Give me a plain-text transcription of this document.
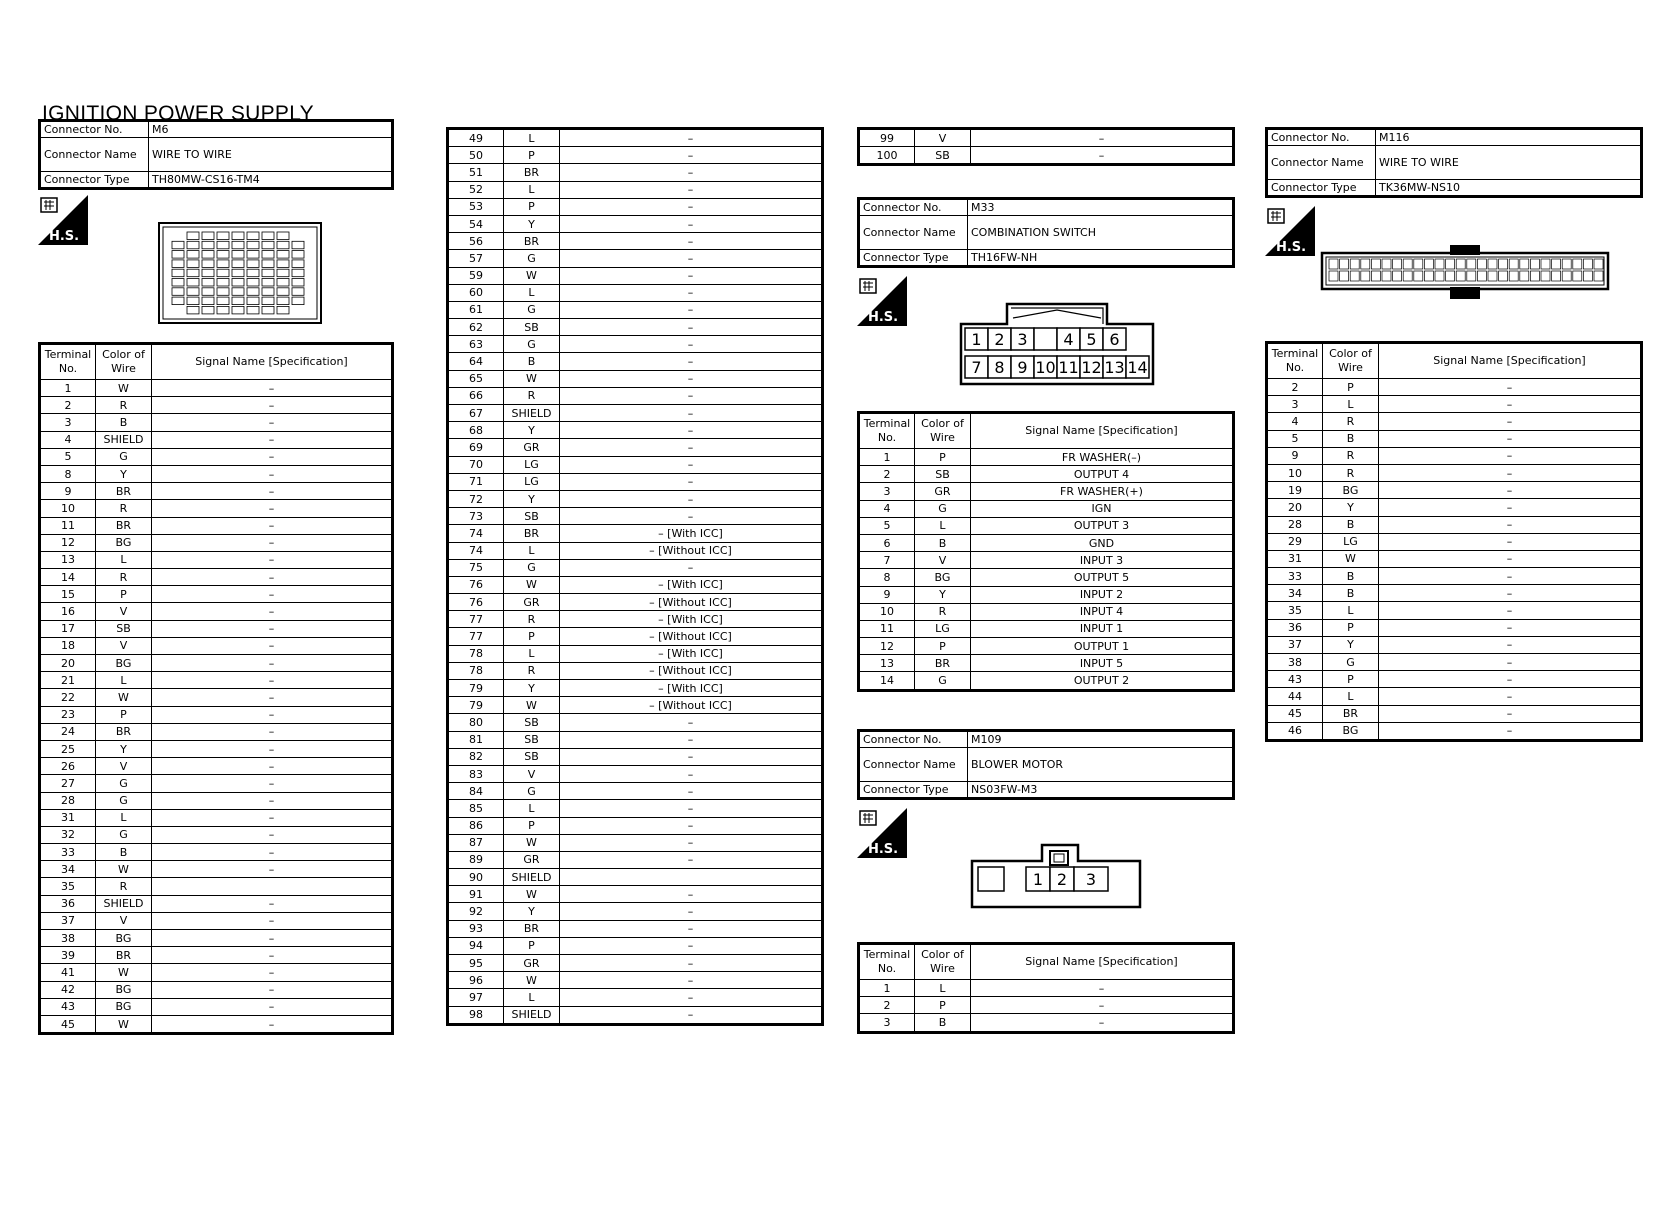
IGNITION POWER SUPPLY
Connector No.	M6
Connector Name	WIRE TO WIRE
Connector Type	TH80MW-CS16-TM4
H.S.
Terminal No.	Color of Wire	Signal Name [Specification]
1	W	–
2	R	–
3	B	–
4	SHIELD	–
5	G	–
8	Y	–
9	BR	–
10	R	–
11	BR	–
12	BG	–
13	L	–
14	R	–
15	P	–
16	V	–
17	SB	–
18	V	–
20	BG	–
21	L	–
22	W	–
23	P	–
24	BR	–
25	Y	–
26	V	–
27	G	–
28	G	–
31	L	–
32	G	–
33	B	–
34	W	–
35	R	
36	SHIELD	–
37	V	–
38	BG	–
39	BR	–
41	W	–
42	BG	–
43	BG	–
45	W	–
49	L	–
50	P	–
51	BR	–
52	L	–
53	P	–
54	Y	–
56	BR	–
57	G	–
59	W	–
60	L	–
61	G	–
62	SB	–
63	G	–
64	B	–
65	W	–
66	R	–
67	SHIELD	–
68	Y	–
69	GR	–
70	LG	–
71	LG	–
72	Y	–
73	SB	–
74	BR	– [With ICC]
74	L	– [Without ICC]
75	G	–
76	W	– [With ICC]
76	GR	– [Without ICC]
77	R	– [With ICC]
77	P	– [Without ICC]
78	L	– [With ICC]
78	R	– [Without ICC]
79	Y	– [With ICC]
79	W	– [Without ICC]
80	SB	–
81	SB	–
82	SB	–
83	V	–
84	G	–
85	L	–
86	P	–
87	W	–
89	GR	–
90	SHIELD	
91	W	–
92	Y	–
93	BR	–
94	P	–
95	GR	–
96	W	–
97	L	–
98	SHIELD	–
99	V	–
100	SB	–
Connector No.	M33
Connector Name	COMBINATION SWITCH
Connector Type	TH16FW-NH
H.S.
1 2 3 4 5 6
7 8 9 10 11 12 13 14
Terminal No.	Color of Wire	Signal Name [Specification]
1	P	FR WASHER(–)
2	SB	OUTPUT 4
3	GR	FR WASHER(+)
4	G	IGN
5	L	OUTPUT 3
6	B	GND
7	V	INPUT 3
8	BG	OUTPUT 5
9	Y	INPUT 2
10	R	INPUT 4
11	LG	INPUT 1
12	P	OUTPUT 1
13	BR	INPUT 5
14	G	OUTPUT 2
Connector No.	M109
Connector Name	BLOWER MOTOR
Connector Type	NS03FW-M3
H.S.
1 2 3
Terminal No.	Color of Wire	Signal Name [Specification]
1	L	–
2	P	–
3	B	–
Connector No.	M116
Connector Name	WIRE TO WIRE
Connector Type	TK36MW-NS10
H.S.
Terminal No.	Color of Wire	Signal Name [Specification]
2	P	–
3	L	–
4	R	–
5	B	–
9	R	–
10	R	–
19	BG	–
20	Y	–
28	B	–
29	LG	–
31	W	–
33	B	–
34	B	–
35	L	–
36	P	–
37	Y	–
38	G	–
43	P	–
44	L	–
45	BR	–
46	BG	–
